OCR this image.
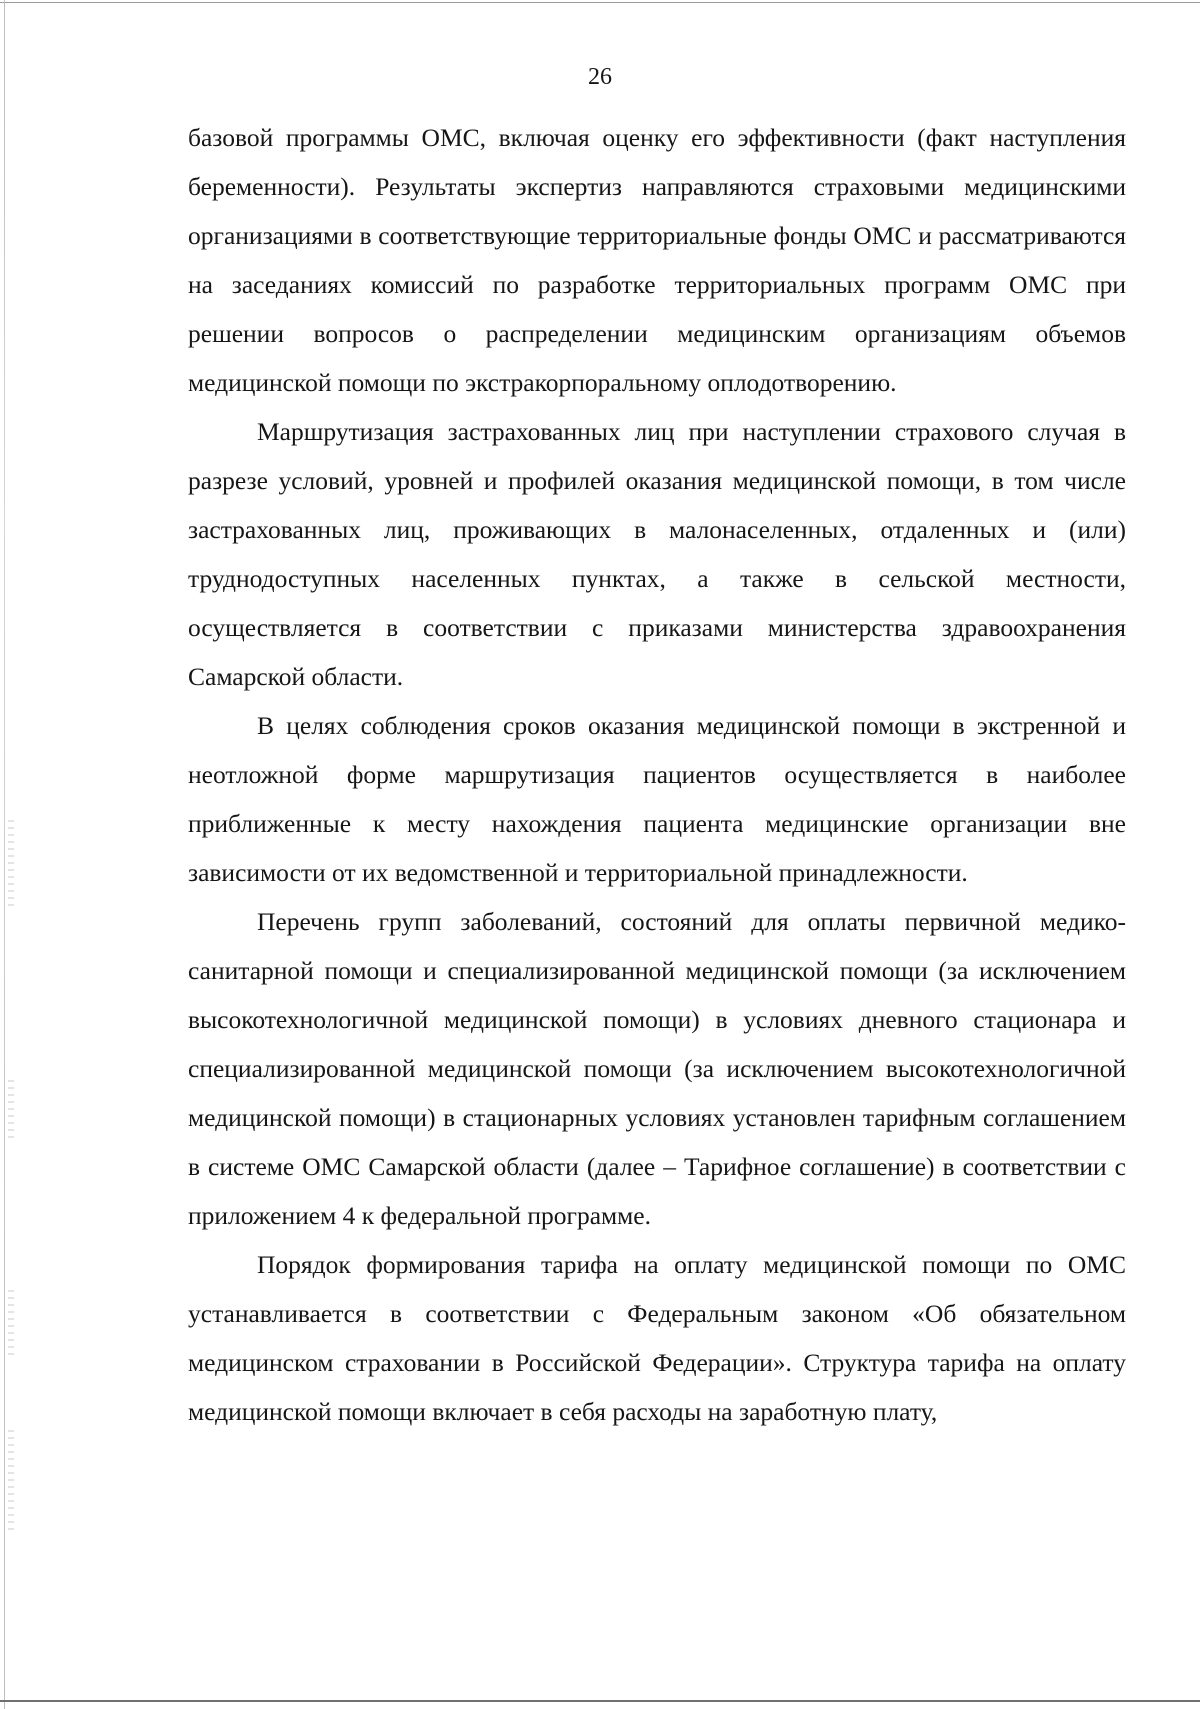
26

базовой программы ОМС, включая оценку его эффективности (факт наступления беременности). Результаты экспертиз направляются страховыми медицинскими организациями в соответствующие территориальные фонды ОМС и рассматриваются на заседаниях комиссий по разработке территориальных программ ОМС при решении вопросов о распределении медицинским организациям объемов медицинской помощи по экстракорпоральному оплодотворению.

Маршрутизация застрахованных лиц при наступлении страхового случая в разрезе условий, уровней и профилей оказания медицинской помощи, в том числе застрахованных лиц, проживающих в малонаселенных, отдаленных и (или) труднодоступных населенных пунктах, а также в сельской местности, осуществляется в соответствии с приказами министерства здравоохранения Самарской области.

В целях соблюдения сроков оказания медицинской помощи в экстренной и неотложной форме маршрутизация пациентов осуществляется в наиболее приближенные к месту нахождения пациента медицинские организации вне зависимости от их ведомственной и территориальной принадлежности.

Перечень групп заболеваний, состояний для оплаты первичной медико-санитарной помощи и специализированной медицинской помощи (за исключением высокотехнологичной медицинской помощи) в условиях дневного стационара и специализированной медицинской помощи (за исключением высокотехнологичной медицинской помощи) в стационарных условиях установлен тарифным соглашением в системе ОМС Самарской области (далее – Тарифное соглашение) в соответствии с приложением 4 к федеральной программе.

Порядок формирования тарифа на оплату медицинской помощи по ОМС устанавливается в соответствии с Федеральным законом «Об обязательном медицинском страховании в Российской Федерации». Структура тарифа на оплату медицинской помощи включает в себя расходы на заработную плату,
